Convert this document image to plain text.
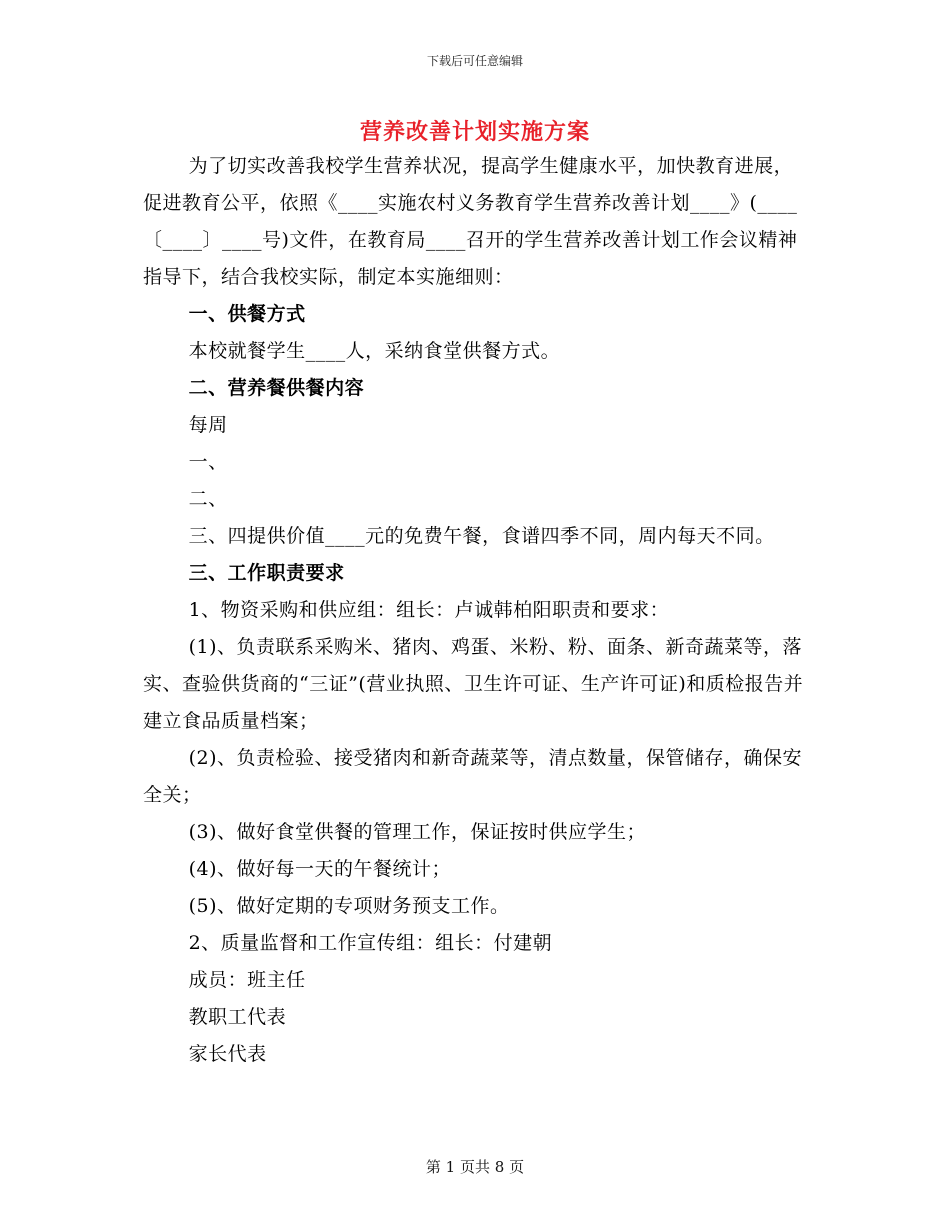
下载后可任意编辑
营养改善计划实施方案

为了切实改善我校学生营养状况，提高学生健康水平，加快教育进展，促进教育公平，依照《____实施农村义务教育学生营养改善计划____》(____〔____〕____号)文件，在教育局____召开的学生营养改善计划工作会议精神指导下，结合我校实际，制定本实施细则：

一、供餐方式

本校就餐学生____人，采纳食堂供餐方式。

二、营养餐供餐内容

每周

一、

二、

三、四提供价值____元的免费午餐，食谱四季不同，周内每天不同。

三、工作职责要求

1、物资采购和供应组：组长：卢诚韩柏阳职责和要求：

(1)、负责联系采购米、猪肉、鸡蛋、米粉、粉、面条、新奇蔬菜等，落实、查验供货商的“三证”(营业执照、卫生许可证、生产许可证)和质检报告并建立食品质量档案；

(2)、负责检验、接受猪肉和新奇蔬菜等，清点数量，保管储存，确保安全关；

(3)、做好食堂供餐的管理工作，保证按时供应学生；

(4)、做好每一天的午餐统计；

(5)、做好定期的专项财务预支工作。

2、质量监督和工作宣传组：组长：付建朝

成员：班主任

教职工代表

家长代表

第 1 页共 8 页
